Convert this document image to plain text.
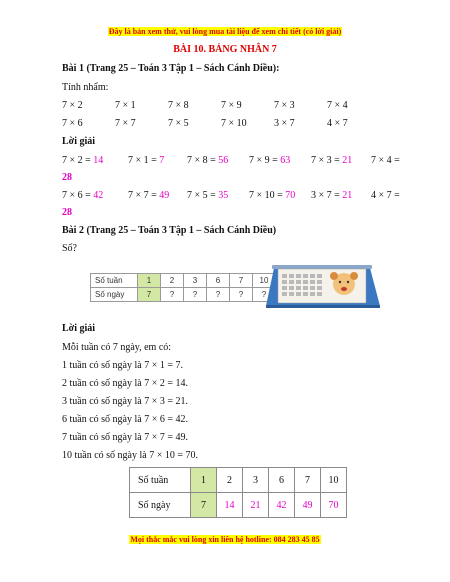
Đây là bản xem thử, vui lòng mua tài liệu để xem chi tiết (có lời giải)
BÀI 10. BẢNG NHÂN 7
Bài 1 (Trang 25 – Toán 3 Tập 1 – Sách Cánh Diều):
Tính nhẩm:
7 × 2	7 × 1	7 × 8	7 × 9	7 × 3	7 × 4
7 × 6	7 × 7	7 × 5	7 × 10	3 × 7	4 × 7
Lời giải
7 × 2 = 14 7 × 1 = 7 7 × 8 = 56 7 × 9 = 63 7 × 3 = 21 7 × 4 =
28
7 × 6 = 42 7 × 7 = 49 7 × 5 = 35 7 × 10 = 70 3 × 7 = 21 4 × 7 =
28
Bài 2 (Trang 25 – Toán 3 Tập 1 – Sách Cánh Diều)
Số?
Số tuần	1	2	3	6	7	10
Số ngày	7	?	?	?	?	?
Lời giải
Mỗi tuần có 7 ngày, em có:
1 tuần có số ngày là 7 × 1 = 7.
2 tuần có số ngày là 7 × 2 = 14.
3 tuần có số ngày là 7 × 3 = 21.
6 tuần có số ngày là 7 × 6 = 42.
7 tuần có số ngày là 7 × 7 = 49.
10 tuần có số ngày là 7 × 10 = 70.
Số tuần	1	2	3	6	7	10
Số ngày	7	14	21	42	49	70
Mọi thắc mắc vui lòng xin liên hệ hotline: 084 283 45 85
